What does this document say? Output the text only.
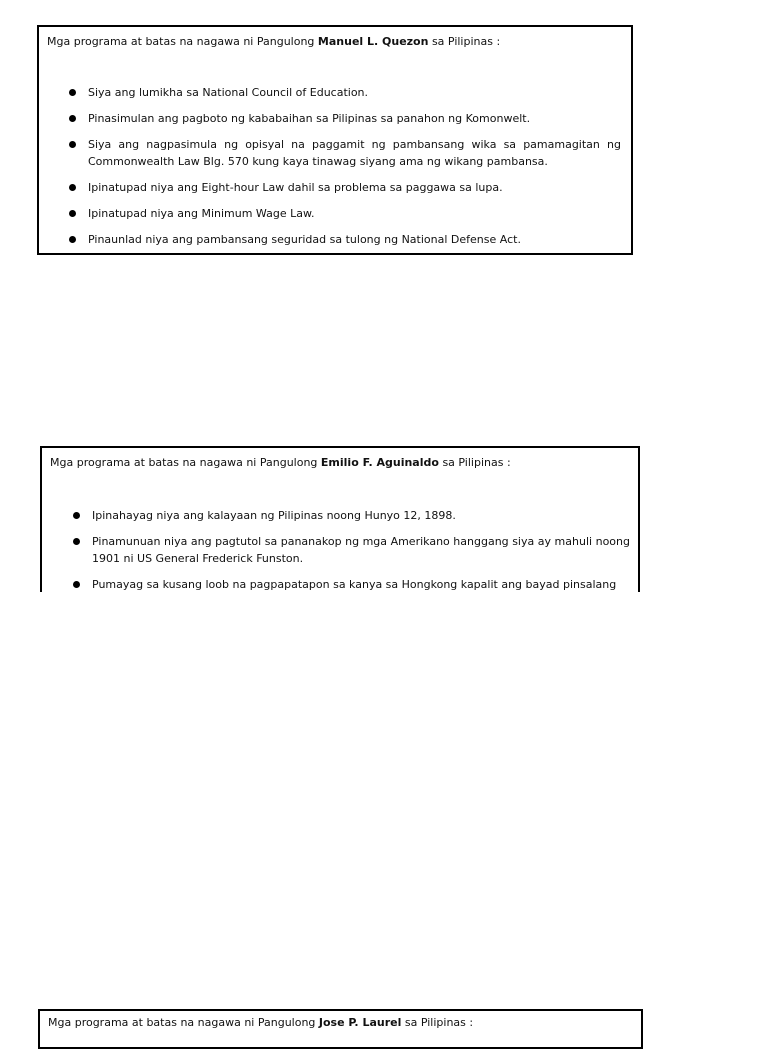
Mga programa at batas na nagawa ni Pangulong Manuel L. Quezon sa Pilipinas :
Siya ang lumikha sa National Council of Education.
Pinasimulan ang pagboto ng kababaihan sa Pilipinas sa panahon ng Komonwelt.
Siya ang nagpasimula ng opisyal na paggamit ng pambansang wika sa pamamagitan ng Commonwealth Law Blg. 570 kung kaya tinawag siyang ama ng wikang pambansa.
Ipinatupad niya ang Eight-hour Law dahil sa problema sa paggawa sa lupa.
Ipinatupad niya ang Minimum Wage Law.
Pinaunlad niya ang pambansang seguridad sa tulong ng National Defense Act.
Mga programa at batas na nagawa ni Pangulong Emilio F. Aguinaldo sa Pilipinas :
Ipinahayag niya ang kalayaan ng Pilipinas noong Hunyo 12, 1898.
Pinamunuan niya ang pagtutol sa pananakop ng mga Amerikano hanggang siya ay mahuli noong 1901 ni US General Frederick Funston.
Pumayag sa kusang loob na pagpapatapon sa kanya sa Hongkong kapalit ang bayad pinsalang
Mga programa at batas na nagawa ni Pangulong Jose P. Laurel sa Pilipinas :
